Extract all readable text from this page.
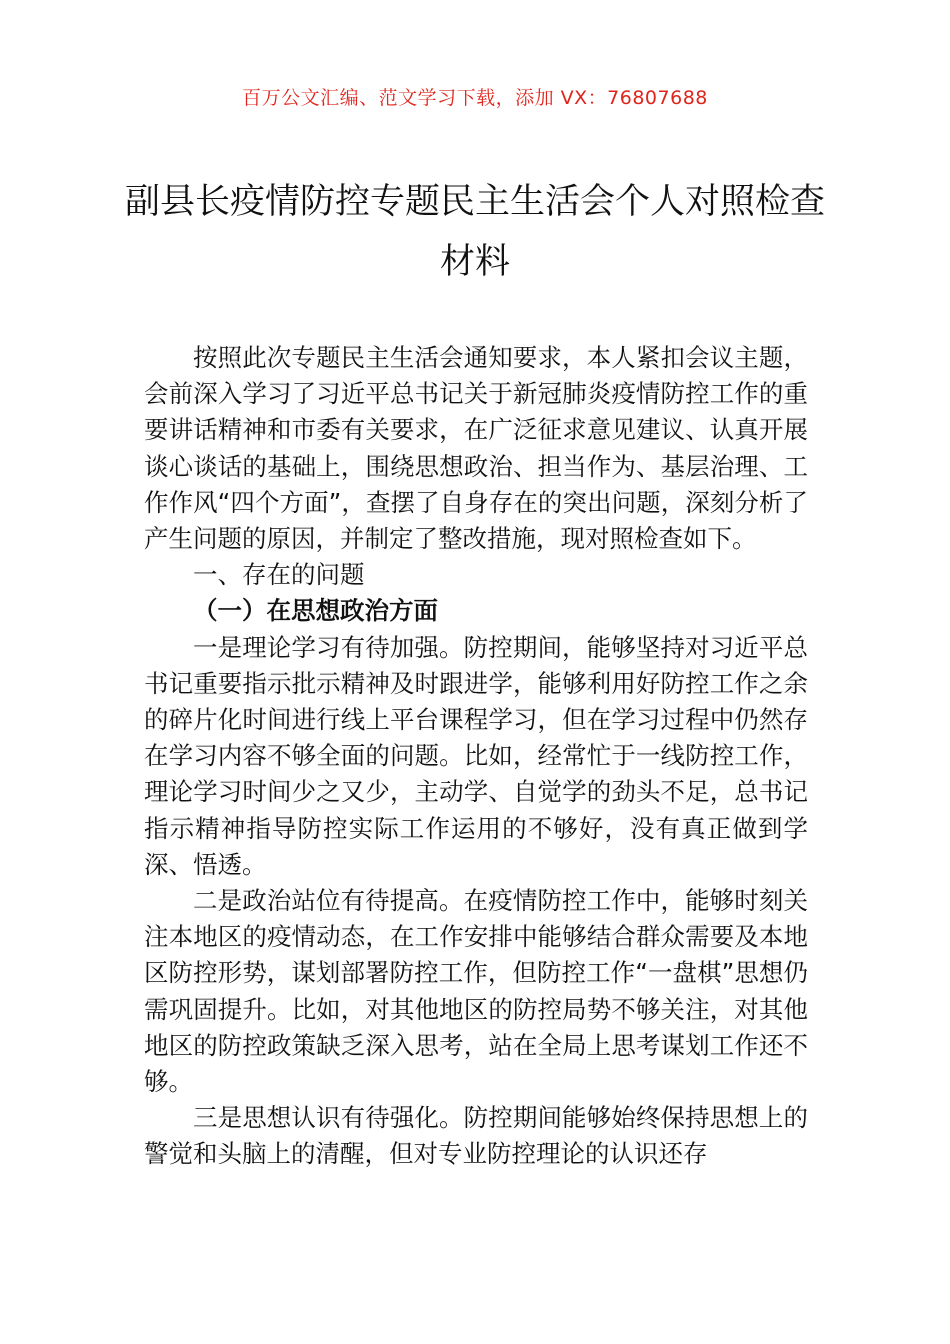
百万公文汇编、范文学习下载，添加 VX：76807688
副县长疫情防控专题民主生活会个人对照检查材料

按照此次专题民主生活会通知要求，本人紧扣会议主题，会前深入学习了习近平总书记关于新冠肺炎疫情防控工作的重要讲话精神和市委有关要求，在广泛征求意见建议、认真开展谈心谈话的基础上，围绕思想政治、担当作为、基层治理、工作作风“四个方面”，查摆了自身存在的突出问题，深刻分析了产生问题的原因，并制定了整改措施，现对照检查如下。

一、存在的问题

（一）在思想政治方面

一是理论学习有待加强。防控期间，能够坚持对习近平总书记重要指示批示精神及时跟进学，能够利用好防控工作之余的碎片化时间进行线上平台课程学习，但在学习过程中仍然存在学习内容不够全面的问题。比如，经常忙于一线防控工作，理论学习时间少之又少，主动学、自觉学的劲头不足，总书记指示精神指导防控实际工作运用的不够好，没有真正做到学深、悟透。

二是政治站位有待提高。在疫情防控工作中，能够时刻关注本地区的疫情动态，在工作安排中能够结合群众需要及本地区防控形势，谋划部署防控工作，但防控工作“一盘棋”思想仍需巩固提升。比如，对其他地区的防控局势不够关注，对其他地区的防控政策缺乏深入思考，站在全局上思考谋划工作还不够。

三是思想认识有待强化。防控期间能够始终保持思想上的警觉和头脑上的清醒，但对专业防控理论的认识还存
